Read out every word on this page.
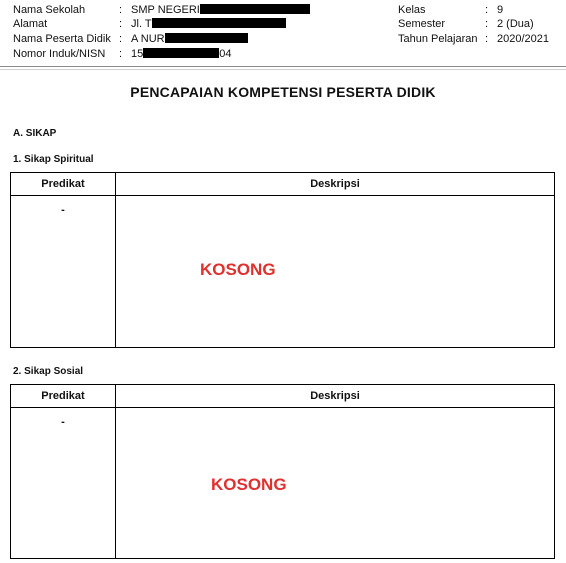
Nama Sekolah	: SMP NEGERI
Alamat	: Jl. T
Nama Peserta Didik : A NUR
Nomor Induk/NISN : 15	04
Kelas	: 9
Semester	: 2 (Dua)
Tahun Pelajaran : 2020/2021
PENCAPAIAN KOMPETENSI PESERTA DIDIK
A. SIKAP
1. Sikap Spiritual
Predikat	Deskripsi

-	KOSONG
2. Sikap Sosial
Predikat	Deskripsi

-	KOSONG
